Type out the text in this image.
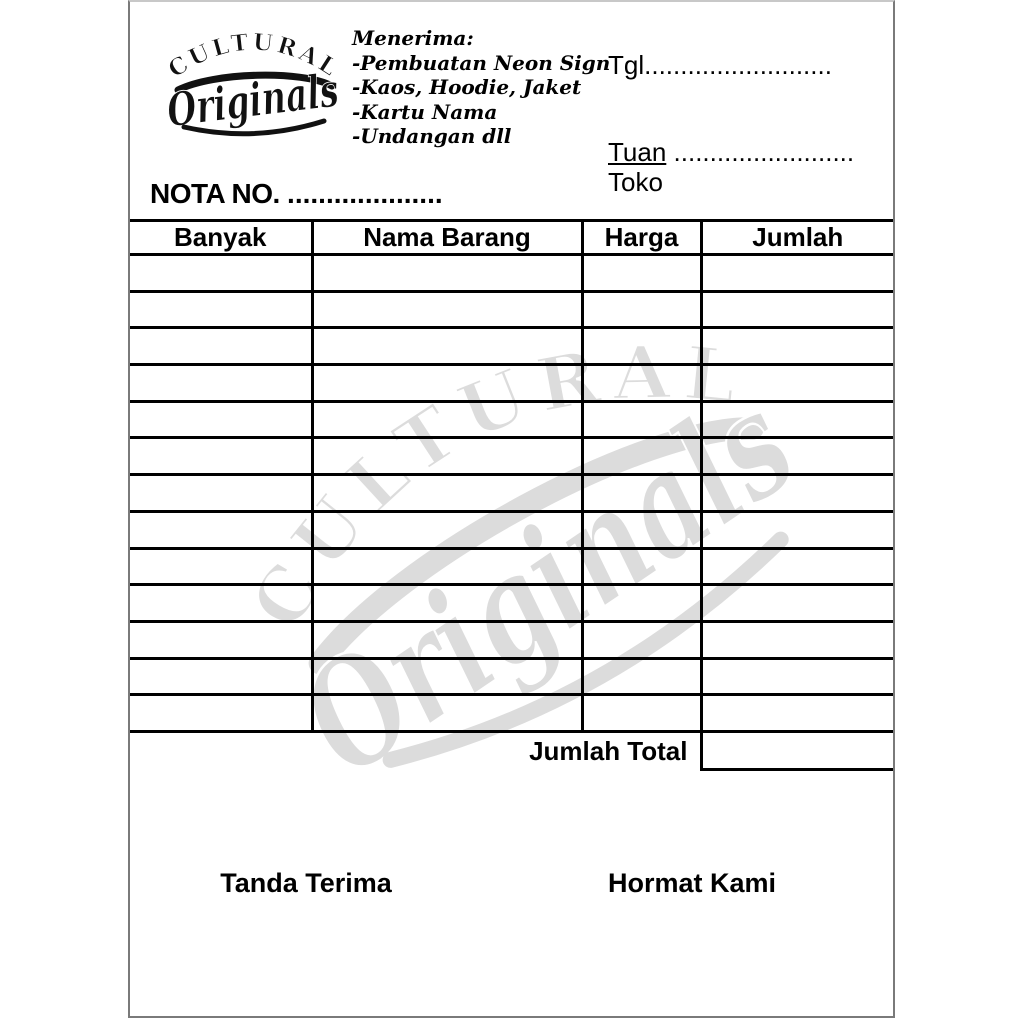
Menerima:
-Pembuatan Neon Sign
-Kaos, Hoodie, Jaket
-Kartu Nama
-Undangan dll
Tgl..........................
Tuan .........................
Toko
NOTA NO. ....................
Banyak	Nama Barang	Harga	Jumlah

Jumlah Total			
Tanda Terima	Hormat Kami
